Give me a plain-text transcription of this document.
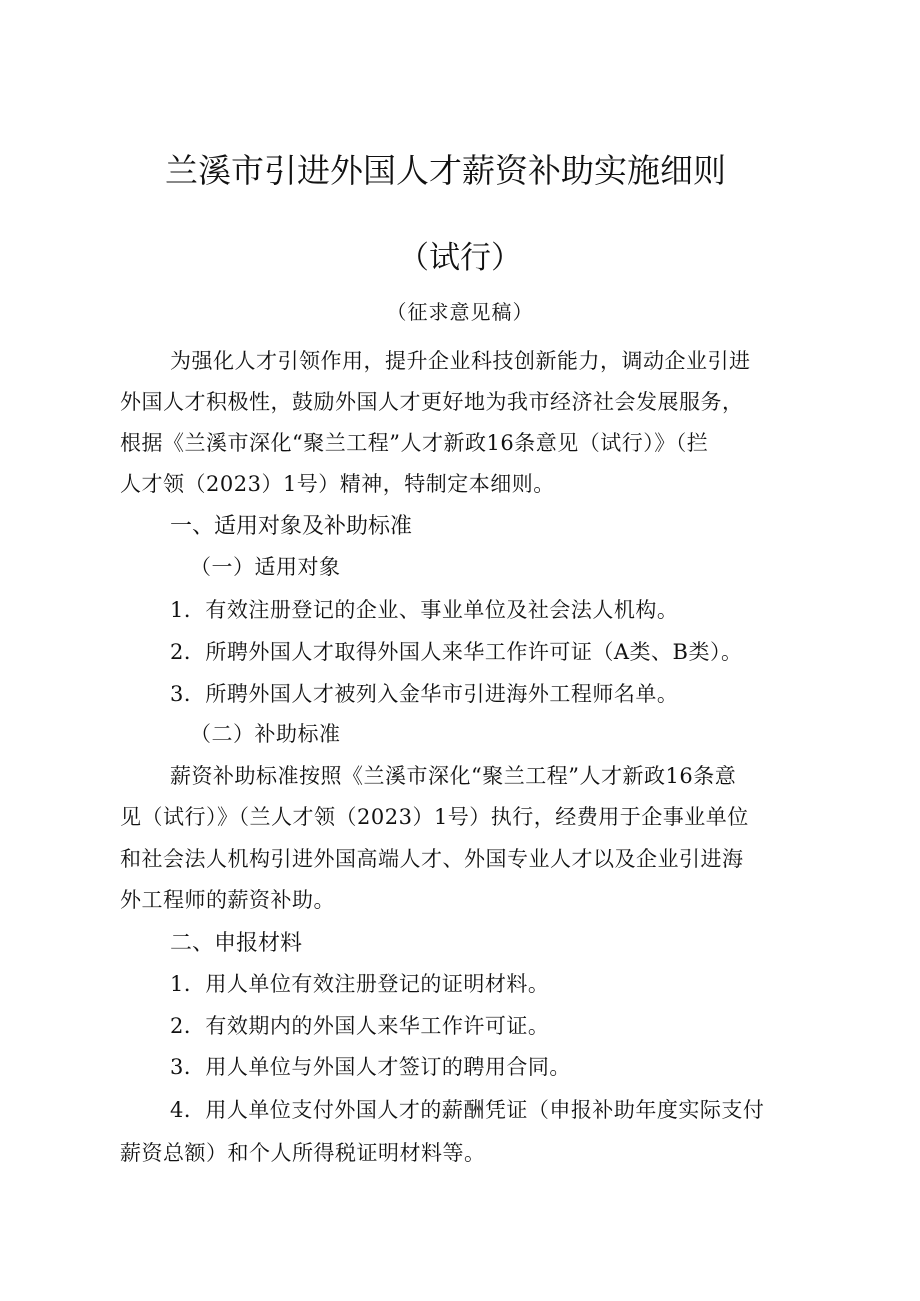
兰溪市引进外国人才薪资补助实施细则
（试行）
（征求意见稿）
为强化人才引领作用，提升企业科技创新能力，调动企业引进
外国人才积极性，鼓励外国人才更好地为我市经济社会发展服务，
根据《兰溪市深化“聚兰工程”人才新政16条意见（试行）》（拦
人才领（2023）1号）精神，特制定本细则。
一、适用对象及补助标准
（一）适用对象
1．有效注册登记的企业、事业单位及社会法人机构。
2．所聘外国人才取得外国人来华工作许可证（A类、B类）。
3．所聘外国人才被列入金华市引进海外工程师名单。
（二）补助标准
薪资补助标准按照《兰溪市深化“聚兰工程”人才新政16条意
见（试行）》（兰人才领（2023）1号）执行，经费用于企事业单位
和社会法人机构引进外国高端人才、外国专业人才以及企业引进海
外工程师的薪资补助。
二、申报材料
1．用人单位有效注册登记的证明材料。
2．有效期内的外国人来华工作许可证。
3．用人单位与外国人才签订的聘用合同。
4．用人单位支付外国人才的薪酬凭证（申报补助年度实际支付
薪资总额）和个人所得税证明材料等。
